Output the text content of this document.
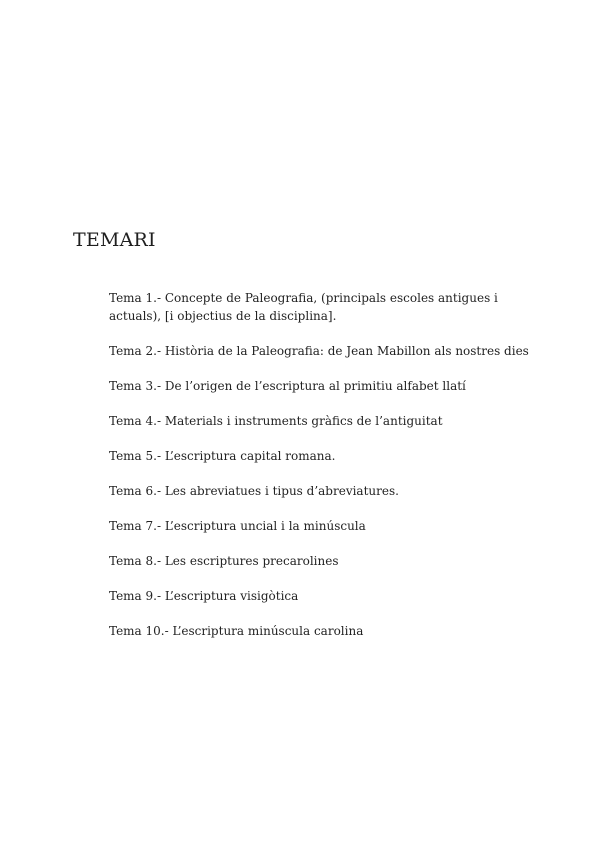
TEMARI
Tema 1.- Concepte de Paleografia, (principals escoles antigues i actuals), [i objectius de la disciplina].
Tema 2.- Història de la Paleografia: de Jean Mabillon als nostres dies
Tema 3.- De l’origen de l’escriptura al primitiu alfabet llatí
Tema 4.- Materials i instruments gràfics de l’antiguitat
Tema 5.- L’escriptura capital romana.
Tema 6.- Les abreviatues i tipus d’abreviatures.
Tema 7.- L’escriptura uncial i la minúscula
Tema 8.- Les escriptures precarolines
Tema 9.- L’escriptura visigòtica
Tema 10.- L’escriptura minúscula carolina
